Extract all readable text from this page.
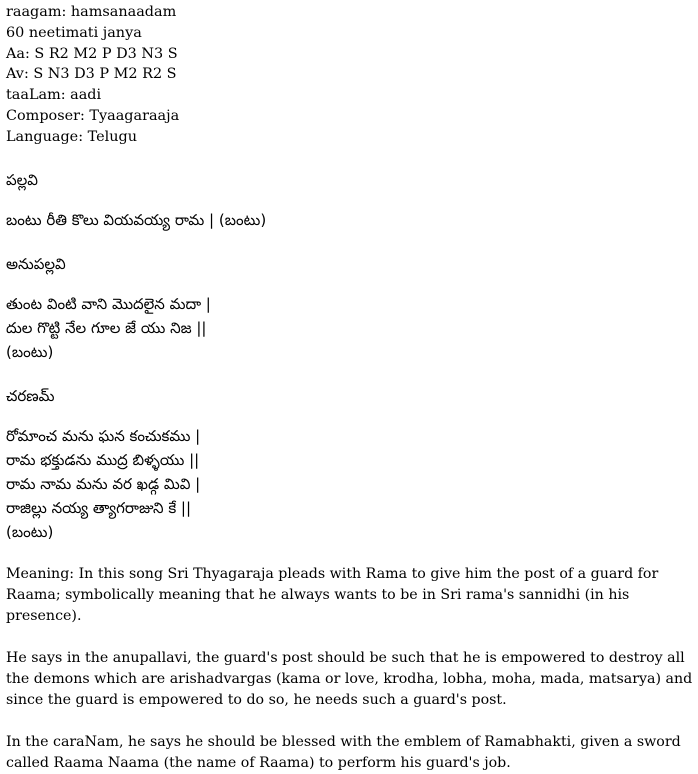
raagam: hamsanaadam
60 neetimati janya
Aa: S R2 M2 P D3 N3 S
Av: S N3 D3 P M2 R2 S
taaLam: aadi
Composer: Tyaagaraaja
Language: Telugu
పల్లవి
బంటు రీతి కొలు వియవయ్య రామ | (బంటు)
అనుపల్లవి
తుంట వింటి వాని మొదలైన మదా |
దుల గొట్టి నేల గూల జే యు నిజ ||
(బంటు)
చరణమ్
రోమాంచ మను ఘన కంచుకము |
రామ భక్తుడను ముద్ర బిళ్ళయు ||
రామ నామ మను వర ఖడ్గ మివి |
రాజిల్లు నయ్య త్యాగరాజుని కే ||
(బంటు)

Meaning: In this song Sri Thyagaraja pleads with Rama to give him the post of a guard for Raama; symbolically meaning that he always wants to be in Sri rama's sannidhi (in his presence).

He says in the anupallavi, the guard's post should be such that he is empowered to destroy all the demons which are arishadvargas (kama or love, krodha, lobha, moha, mada, matsarya) and since the guard is empowered to do so, he needs such a guard's post.

In the caraNam, he says he should be blessed with the emblem of Ramabhakti, given a sword called Raama Naama (the name of Raama) to perform his guard's job.
